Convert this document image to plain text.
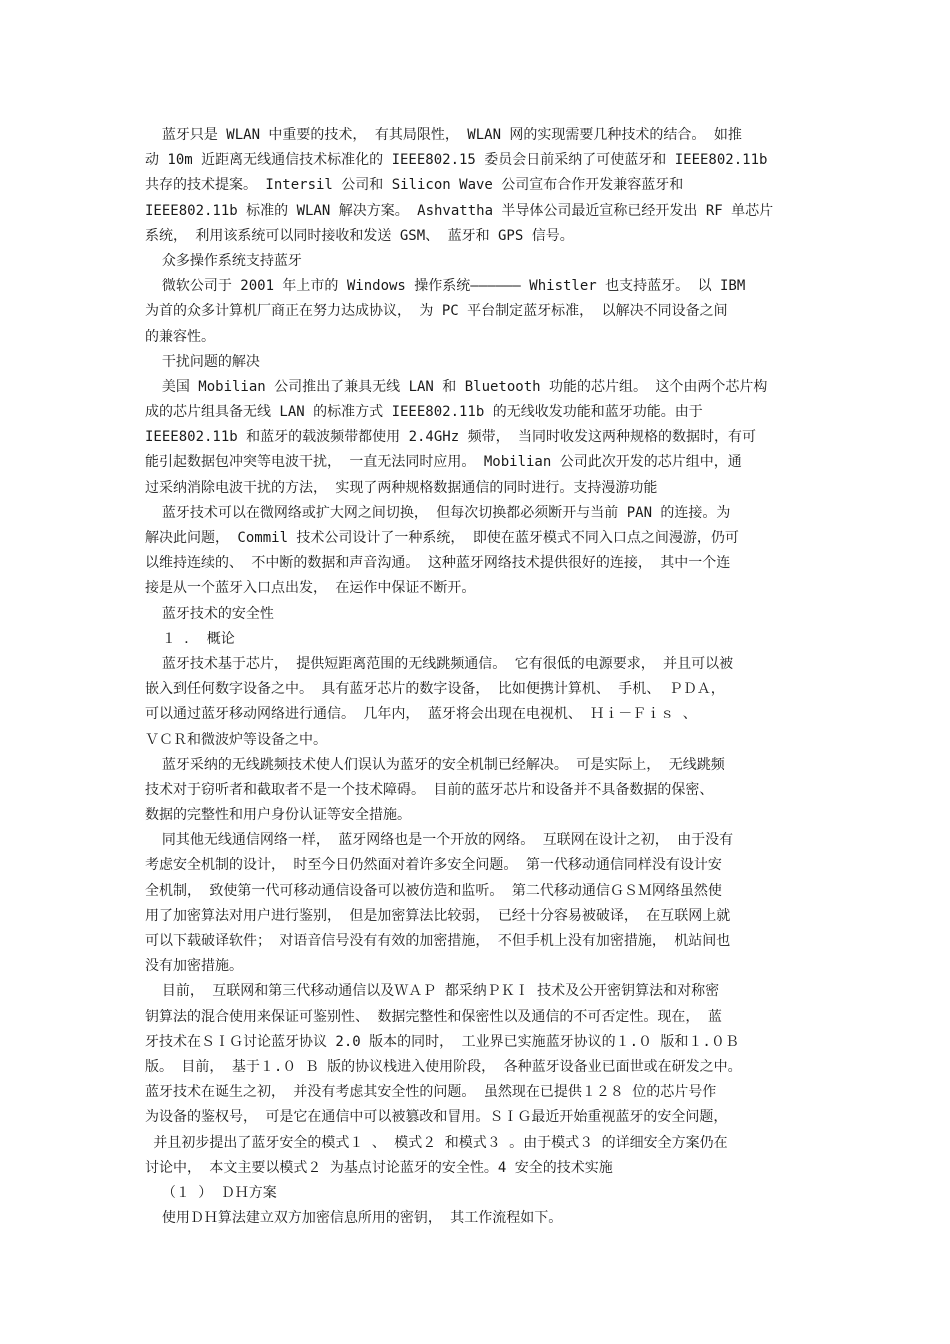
蓝牙只是 WLAN 中重要的技术， 有其局限性， WLAN 网的实现需要几种技术的结合。 如推
动 10m 近距离无线通信技术标准化的 IEEE802.15 委员会日前采纳了可使蓝牙和 IEEE802.11b
共存的技术提案。 Intersil 公司和 Silicon Wave 公司宣布合作开发兼容蓝牙和
IEEE802.11b 标准的 WLAN 解决方案。 Ashvattha 半导体公司最近宣称已经开发出 RF 单芯片
系统， 利用该系统可以同时接收和发送 GSM、 蓝牙和 GPS 信号。
众多操作系统支持蓝牙
微软公司于 2001 年上市的 Windows 操作系统—————— Whistler 也支持蓝牙。 以 IBM
为首的众多计算机厂商正在努力达成协议， 为 PC 平台制定蓝牙标准， 以解决不同设备之间
的兼容性。
干扰问题的解决
美国 Mobilian 公司推出了兼具无线 LAN 和 Bluetooth 功能的芯片组。 这个由两个芯片构
成的芯片组具备无线 LAN 的标准方式 IEEE802.11b 的无线收发功能和蓝牙功能。由于
IEEE802.11b 和蓝牙的载波频带都使用 2.4GHz 频带， 当同时收发这两种规格的数据时，有可
能引起数据包冲突等电波干扰， 一直无法同时应用。 Mobilian 公司此次开发的芯片组中，通
过采纳消除电波干扰的方法， 实现了两种规格数据通信的同时进行。支持漫游功能
蓝牙技术可以在微网络或扩大网之间切换， 但每次切换都必须断开与当前 PAN 的连接。为
解决此问题， Commil 技术公司设计了一种系统， 即使在蓝牙模式不同入口点之间漫游，仍可
以维持连续的、 不中断的数据和声音沟通。 这种蓝牙网络技术提供很好的连接， 其中一个连
接是从一个蓝牙入口点出发， 在运作中保证不断开。
蓝牙技术的安全性
１ ． 概论
蓝牙技术基于芯片， 提供短距离范围的无线跳频通信。 它有很低的电源要求， 并且可以被
嵌入到任何数字设备之中。 具有蓝牙芯片的数字设备， 比如便携计算机、 手机、 ＰＤＡ，
可以通过蓝牙移动网络进行通信。 几年内， 蓝牙将会出现在电视机、 Ｈｉ－Ｆｉｓ 、
ＶＣＲ和微波炉等设备之中。
蓝牙采纳的无线跳频技术使人们误认为蓝牙的安全机制已经解决。 可是实际上， 无线跳频
技术对于窃听者和截取者不是一个技术障碍。 目前的蓝牙芯片和设备并不具备数据的保密、
数据的完整性和用户身份认证等安全措施。
同其他无线通信网络一样， 蓝牙网络也是一个开放的网络。 互联网在设计之初， 由于没有
考虑安全机制的设计， 时至今日仍然面对着许多安全问题。 第一代移动通信同样没有设计安
全机制， 致使第一代可移动通信设备可以被仿造和监听。 第二代移动通信ＧＳＭ网络虽然使
用了加密算法对用户进行鉴别， 但是加密算法比较弱， 已经十分容易被破译， 在互联网上就
可以下载破译软件； 对语音信号没有有效的加密措施， 不但手机上没有加密措施， 机站间也
没有加密措施。
目前， 互联网和第三代移动通信以及ＷＡＰ 都采纳ＰＫＩ 技术及公开密钥算法和对称密
钥算法的混合使用来保证可鉴别性、 数据完整性和保密性以及通信的不可否定性。现在， 蓝
牙技术在ＳＩＧ讨论蓝牙协议 2.0 版本的同时， 工业界已实施蓝牙协议的１.０ 版和１.０Ｂ
版。 目前， 基于１.０ Ｂ 版的协议栈进入使用阶段， 各种蓝牙设备业已面世或在研发之中。
蓝牙技术在诞生之初， 并没有考虑其安全性的问题。 虽然现在已提供１２８ 位的芯片号作
为设备的鉴权号， 可是它在通信中可以被篡改和冒用。ＳＩＧ最近开始重视蓝牙的安全问题，
并且初步提出了蓝牙安全的模式１ 、 模式２ 和模式３ 。由于模式３ 的详细安全方案仍在
讨论中， 本文主要以模式２ 为基点讨论蓝牙的安全性。4 安全的技术实施
（１ ） ＤＨ方案
使用ＤＨ算法建立双方加密信息所用的密钥， 其工作流程如下。
